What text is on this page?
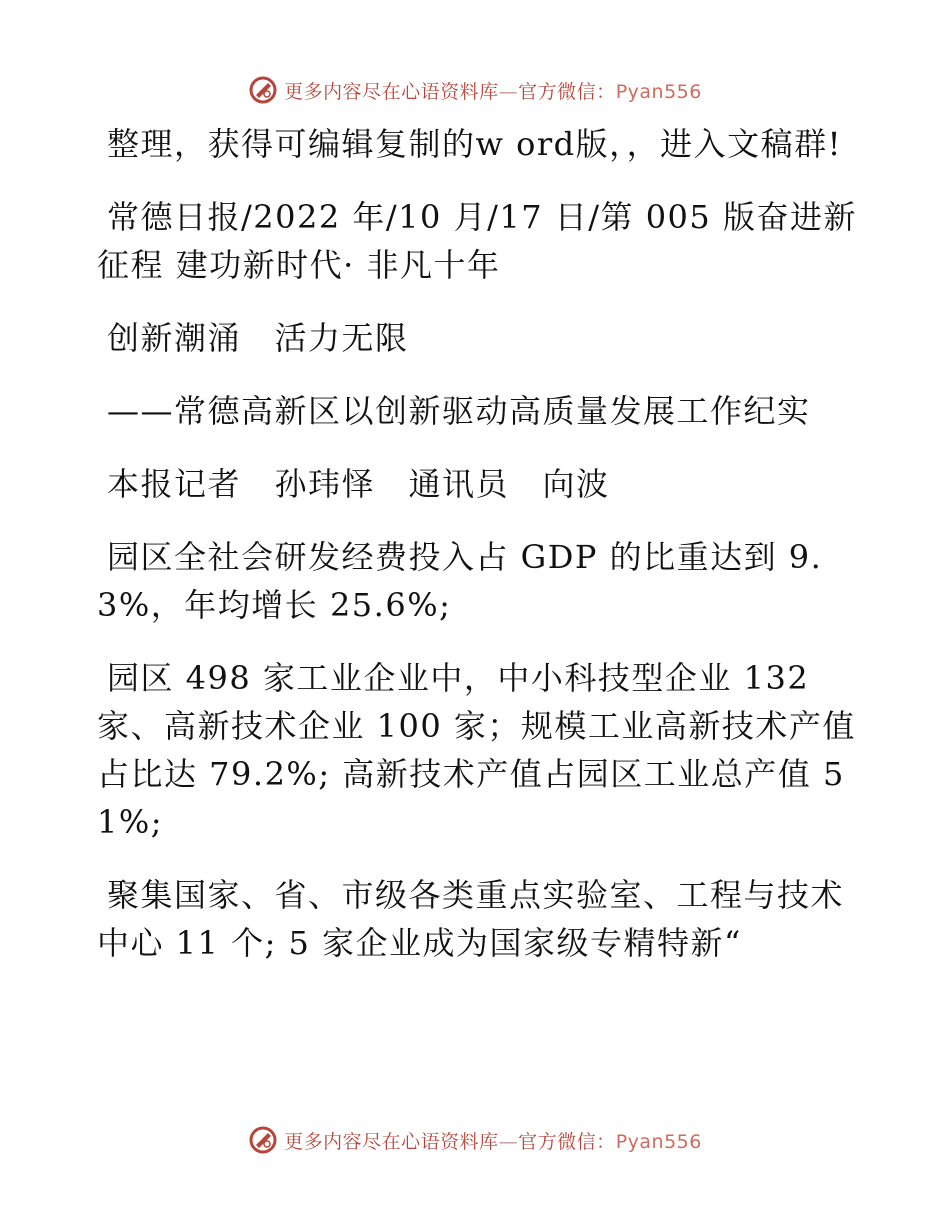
更多内容尽在心语资料库—官方微信：Pyan556

整理，获得可编辑复制的w ord版，，进入文稿群!

常德日报/2022 年/10 月/17 日/第 005 版奋进新征程 建功新时代· 非凡十年

创新潮涌　活力无限

——常德高新区以创新驱动高质量发展工作纪实

本报记者　孙玮怿　通讯员　向波

园区全社会研发经费投入占 GDP 的比重达到 9.3%，年均增长 25.6%;

园区 498 家工业企业中，中小科技型企业 132 家、高新技术企业 100 家；规模工业高新技术产值占比达 79.2%; 高新技术产值占园区工业总产值 51%;

聚集国家、省、市级各类重点实验室、工程与技术中心 11 个; 5 家企业成为国家级专精特新“

更多内容尽在心语资料库—官方微信：Pyan556
